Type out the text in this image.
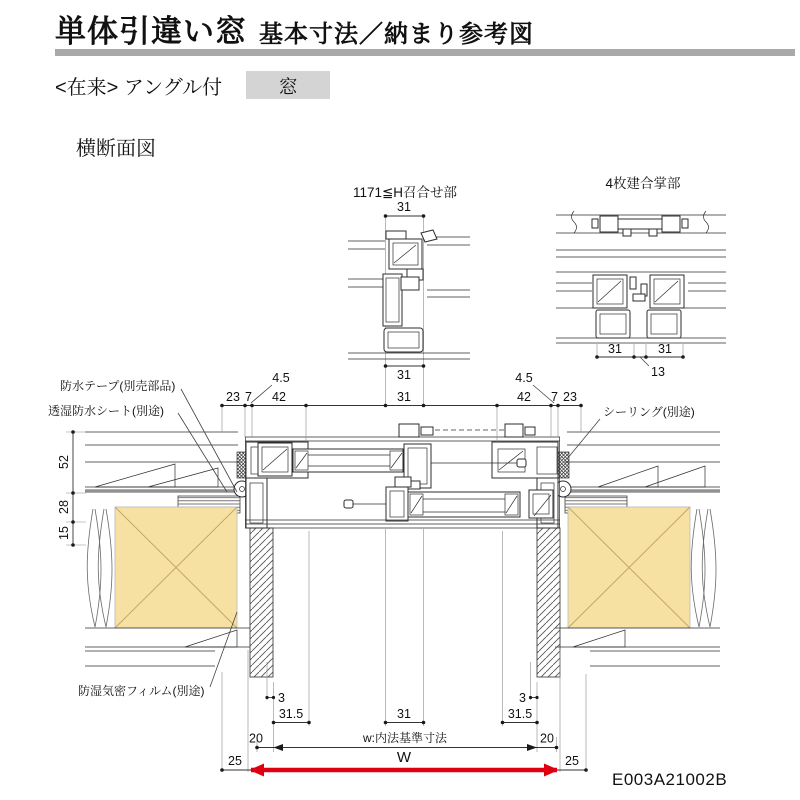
単体引違い窓 基本寸法／納まり参考図
<在来> アングル付	窓
横断面図
E003A21002B
1171≦H召合せ部
31
31
4枚建合掌部
31	31
13
23 7 42	31	42 7 23
4.5	4.5
52
28
15
3	3
31.5	31	31.5
20	w:内法基準寸法	20
25	W	25
防水テープ(別売部品)
透湿防水シート(別途)	シーリング(別途)
防湿気密フィルム(別途)
